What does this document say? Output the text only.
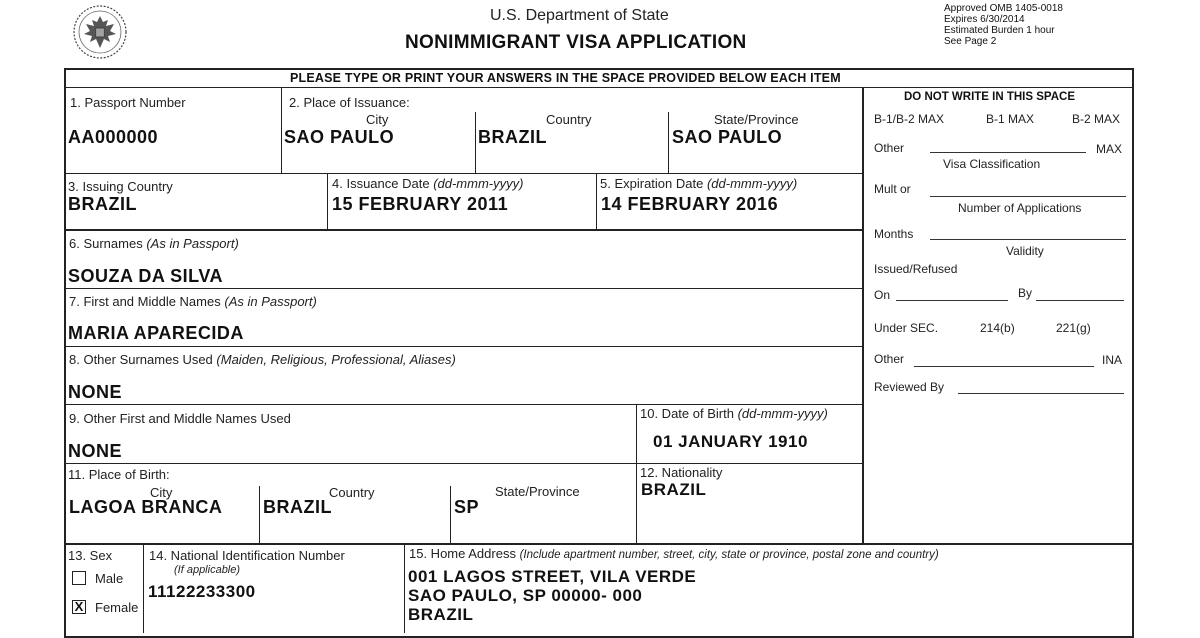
U.S. Department of State
NONIMMIGRANT VISA APPLICATION
Approved OMB 1405-0018
Expires 6/30/2014
Estimated Burden 1 hour
See Page 2
PLEASE TYPE OR PRINT YOUR ANSWERS IN THE SPACE PROVIDED BELOW EACH ITEM
1. Passport Number
AA000000
2. Place of Issuance:
City
SAO PAULO
Country
BRAZIL
State/Province
SAO PAULO
3. Issuing Country
BRAZIL
4. Issuance Date (dd-mmm-yyyy)
15 FEBRUARY 2011
5. Expiration Date (dd-mmm-yyyy)
14 FEBRUARY 2016
6. Surnames (As in Passport)
SOUZA DA SILVA
7. First and Middle Names (As in Passport)
MARIA APARECIDA
8. Other Surnames Used (Maiden, Religious, Professional, Aliases)
NONE
9. Other First and Middle Names Used
NONE
10. Date of Birth (dd-mmm-yyyy)
01 JANUARY 1910
11. Place of Birth:
City
LAGOA BRANCA
Country
BRAZIL
State/Province
SP
12. Nationality
BRAZIL
13. Sex
Male
X Female
14. National Identification Number
(If applicable)
11122233300
15. Home Address (Include apartment number, street, city, state or province, postal zone and country)
001 LAGOS STREET, VILA VERDE
SAO PAULO, SP 00000- 000
BRAZIL
DO NOT WRITE IN THIS SPACE
B-1/B-2 MAX	B-1 MAX	B-2 MAX
Other	MAX
Visa Classification
Mult or
Number of Applications
Months
Validity
Issued/Refused
On	By
Under SEC.	214(b)	221(g)
Other	INA
Reviewed By
